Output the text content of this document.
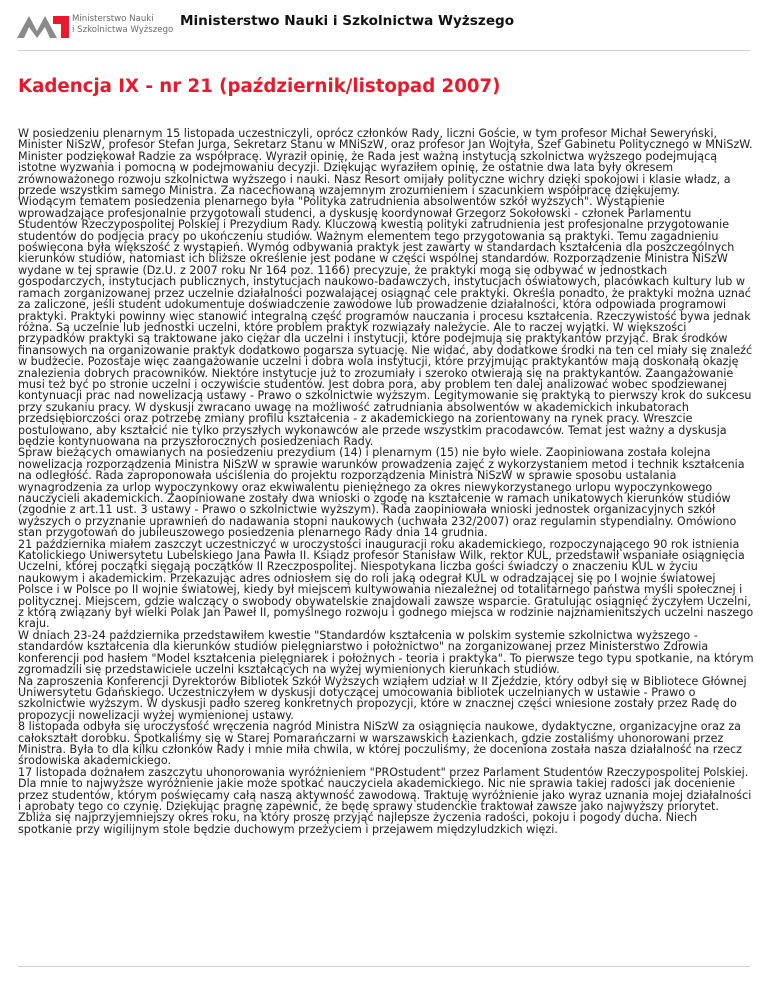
Ministerstwo Nauki
i Szkolnictwa Wyższego
Ministerstwo Nauki i Szkolnictwa Wyższego
Kadencja IX - nr 21 (październik/listopad 2007)

W posiedzeniu plenarnym 15 listopada uczestniczyli, oprócz członków Rady, liczni Goście, w tym profesor Michał Seweryński, Minister NiSzW, profesor Stefan Jurga, Sekretarz Stanu w MNiSzW, oraz profesor Jan Wojtyła, Szef Gabinetu Politycznego w MNiSzW. Minister podziękował Radzie za współpracę. Wyraził opinię, że Rada jest ważną instytucją szkolnictwa wyższego podejmującą istotne wyzwania i pomocną w podejmowaniu decyzji. Dziękując wyraziłem opinię, że ostatnie dwa lata były okresem zrównoważonego rozwoju szkolnictwa wyższego i nauki. Nasz Resort omijały polityczne wichry dzięki spokojowi i klasie władz, a przede wszystkim samego Ministra. Za nacechowaną wzajemnym zrozumieniem i szacunkiem współpracę dziękujemy.

Wiodącym tematem posiedzenia plenarnego była "Polityka zatrudnienia absolwentów szkół wyższych". Wystąpienie wprowadzające profesjonalnie przygotowali studenci, a dyskusję koordynował Grzegorz Sokołowski - członek Parlamentu Studentów Rzeczypospolitej Polskiej i Prezydium Rady. Kluczową kwestią polityki zatrudnienia jest profesjonalne przygotowanie studentów do podjęcia pracy po ukończeniu studiów. Ważnym elementem tego przygotowania są praktyki. Temu zagadnieniu poświęcona była większość z wystąpień. Wymóg odbywania praktyk jest zawarty w standardach kształcenia dla poszczególnych kierunków studiów, natomiast ich bliższe określenie jest podane w części wspólnej standardów. Rozporządzenie Ministra NiSzW wydane w tej sprawie (Dz.U. z 2007 roku Nr 164 poz. 1166) precyzuje, że praktyki mogą się odbywać w jednostkach gospodarczych, instytucjach publicznych, instytucjach naukowo-badawczych, instytucjach oświatowych, placówkach kultury lub w ramach zorganizowanej przez uczelnie działalności pozwalającej osiągnąć cele praktyki. Określa ponadto, że praktyki można uznać za zaliczone, jeśli student udokumentuje doświadczenie zawodowe lub prowadzenie działalności, która odpowiada programowi praktyki. Praktyki powinny więc stanowić integralną część programów nauczania i procesu kształcenia. Rzeczywistość bywa jednak różna. Są uczelnie lub jednostki uczelni, które problem praktyk rozwiązały należycie. Ale to raczej wyjątki. W większości przypadków praktyki są traktowane jako ciężar dla uczelni i instytucji, które podejmują się praktykantów przyjąć. Brak środków finansowych na organizowanie praktyk dodatkowo pogarsza sytuację. Nie widać, aby dodatkowe środki na ten cel miały się znaleźć w budżecie. Pozostaje więc zaangażowanie uczelni i dobra wola instytucji, które przyjmując praktykantów mają doskonałą okazję znalezienia dobrych pracowników. Niektóre instytucje już to zrozumiały i szeroko otwierają się na praktykantów. Zaangażowanie musi też być po stronie uczelni i oczywiście studentów. Jest dobra pora, aby problem ten dalej analizować wobec spodziewanej kontynuacji prac nad nowelizacją ustawy - Prawo o szkolnictwie wyższym. Legitymowanie się praktyką to pierwszy krok do sukcesu przy szukaniu pracy. W dyskusji zwracano uwagę na możliwość zatrudniania absolwentów w akademickich inkubatorach przedsiębiorczości oraz potrzebę zmiany profilu kształcenia - z akademickiego na zorientowany na rynek pracy. Wreszcie postulowano, aby kształcić nie tylko przyszłych wykonawców ale przede wszystkim pracodawców. Temat jest ważny a dyskusja będzie kontynuowana na przyszłorocznych posiedzeniach Rady.

Spraw bieżących omawianych na posiedzeniu prezydium (14) i plenarnym (15) nie było wiele. Zaopiniowana została kolejna nowelizacja rozporządzenia Ministra NiSzW w sprawie warunków prowadzenia zajęć z wykorzystaniem metod i technik kształcenia na odległość. Rada zaproponowała uściślenia do projektu rozporządzenia Ministra NiSzW w sprawie sposobu ustalania wynagrodzenia za urlop wypoczynkowy oraz ekwiwalentu pieniężnego za okres niewykorzystanego urlopu wypoczynkowego nauczycieli akademickich. Zaopiniowane zostały dwa wnioski o zgodę na kształcenie w ramach unikatowych kierunków studiów (zgodnie z art.11 ust. 3 ustawy - Prawo o szkolnictwie wyższym). Rada zaopiniowała wnioski jednostek organizacyjnych szkół wyższych o przyznanie uprawnień do nadawania stopni naukowych (uchwała 232/2007) oraz regulamin stypendialny. Omówiono stan przygotowań do jubileuszowego posiedzenia plenarnego Rady dnia 14 grudnia.

21 października miałem zaszczyt uczestniczyć w uroczystości inauguracji roku akademickiego, rozpoczynającego 90 rok istnienia Katolickiego Uniwersytetu Lubelskiego Jana Pawła II. Ksiądz profesor Stanisław Wilk, rektor KUL, przedstawił wspaniałe osiągnięcia Uczelni, której początki sięgają początków II Rzeczpospolitej. Niespotykana liczba gości świadczy o znaczeniu KUL w życiu naukowym i akademickim. Przekazując adres odniosłem się do roli jaką odegrał KUL w odradzającej się po I wojnie światowej Polsce i w Polsce po II wojnie światowej, kiedy był miejscem kultywowania niezależnej od totalitarnego państwa myśli społecznej i politycznej. Miejscem, gdzie walczący o swobody obywatelskie znajdowali zawsze wsparcie. Gratulując osiągnięć życzyłem Uczelni, z którą związany był wielki Polak Jan Paweł II, pomyślnego rozwoju i godnego miejsca w rodzinie najznamienitszych uczelni naszego kraju.

W dniach 23-24 października przedstawiłem kwestie "Standardów kształcenia w polskim systemie szkolnictwa wyższego - standardów kształcenia dla kierunków studiów pielęgniarstwo i położnictwo" na zorganizowanej przez Ministerstwo Zdrowia konferencji pod hasłem "Model kształcenia pielęgniarek i położnych - teoria i praktyka". To pierwsze tego typu spotkanie, na którym zgromadzili się przedstawiciele uczelni kształcących na wyżej wymienionych kierunkach studiów.

Na zaproszenia Konferencji Dyrektorów Bibliotek Szkół Wyższych wziąłem udział w II Zjeździe, który odbył się w Bibliotece Głównej Uniwersytetu Gdańskiego. Uczestniczyłem w dyskusji dotyczącej umocowania bibliotek uczelnianych w ustawie - Prawo o szkolnictwie wyższym. W dyskusji padło szereg konkretnych propozycji, które w znacznej części wniesione zostały przez Radę do propozycji nowelizacji wyżej wymienionej ustawy.

8 listopada odbyła się uroczystość wręczenia nagród Ministra NiSzW za osiągnięcia naukowe, dydaktyczne, organizacyjne oraz za całokształt dorobku. Spotkaliśmy się w Starej Pomarańczarni w warszawskich Łazienkach, gdzie zostaliśmy uhonorowani przez Ministra. Była to dla kilku członków Rady i mnie miła chwila, w której poczuliśmy, że doceniona została nasza działalność na rzecz środowiska akademickiego.

17 listopada dożnałem zaszczytu uhonorowania wyróżnieniem "PROstudent" przez Parlament Studentów Rzeczypospolitej Polskiej. Dla mnie to najwyższe wyróżnienie jakie może spotkać nauczyciela akademickiego. Nic nie sprawia takiej radości jak docenienie przez studentów, którym poświęcamy całą naszą aktywność zawodową. Traktuję wyróżnienie jako wyraz uznania mojej działalności i aprobaty tego co czynię. Dziękując pragnę zapewnić, że będę sprawy studenckie traktował zawsze jako najwyższy priorytet.

Zbliża się najprzyjemniejszy okres roku, na który proszę przyjąć najlepsze życzenia radości, pokoju i pogody ducha. Niech spotkanie przy wigilijnym stole będzie duchowym przeżyciem i przejawem międzyludzkich więzi.
